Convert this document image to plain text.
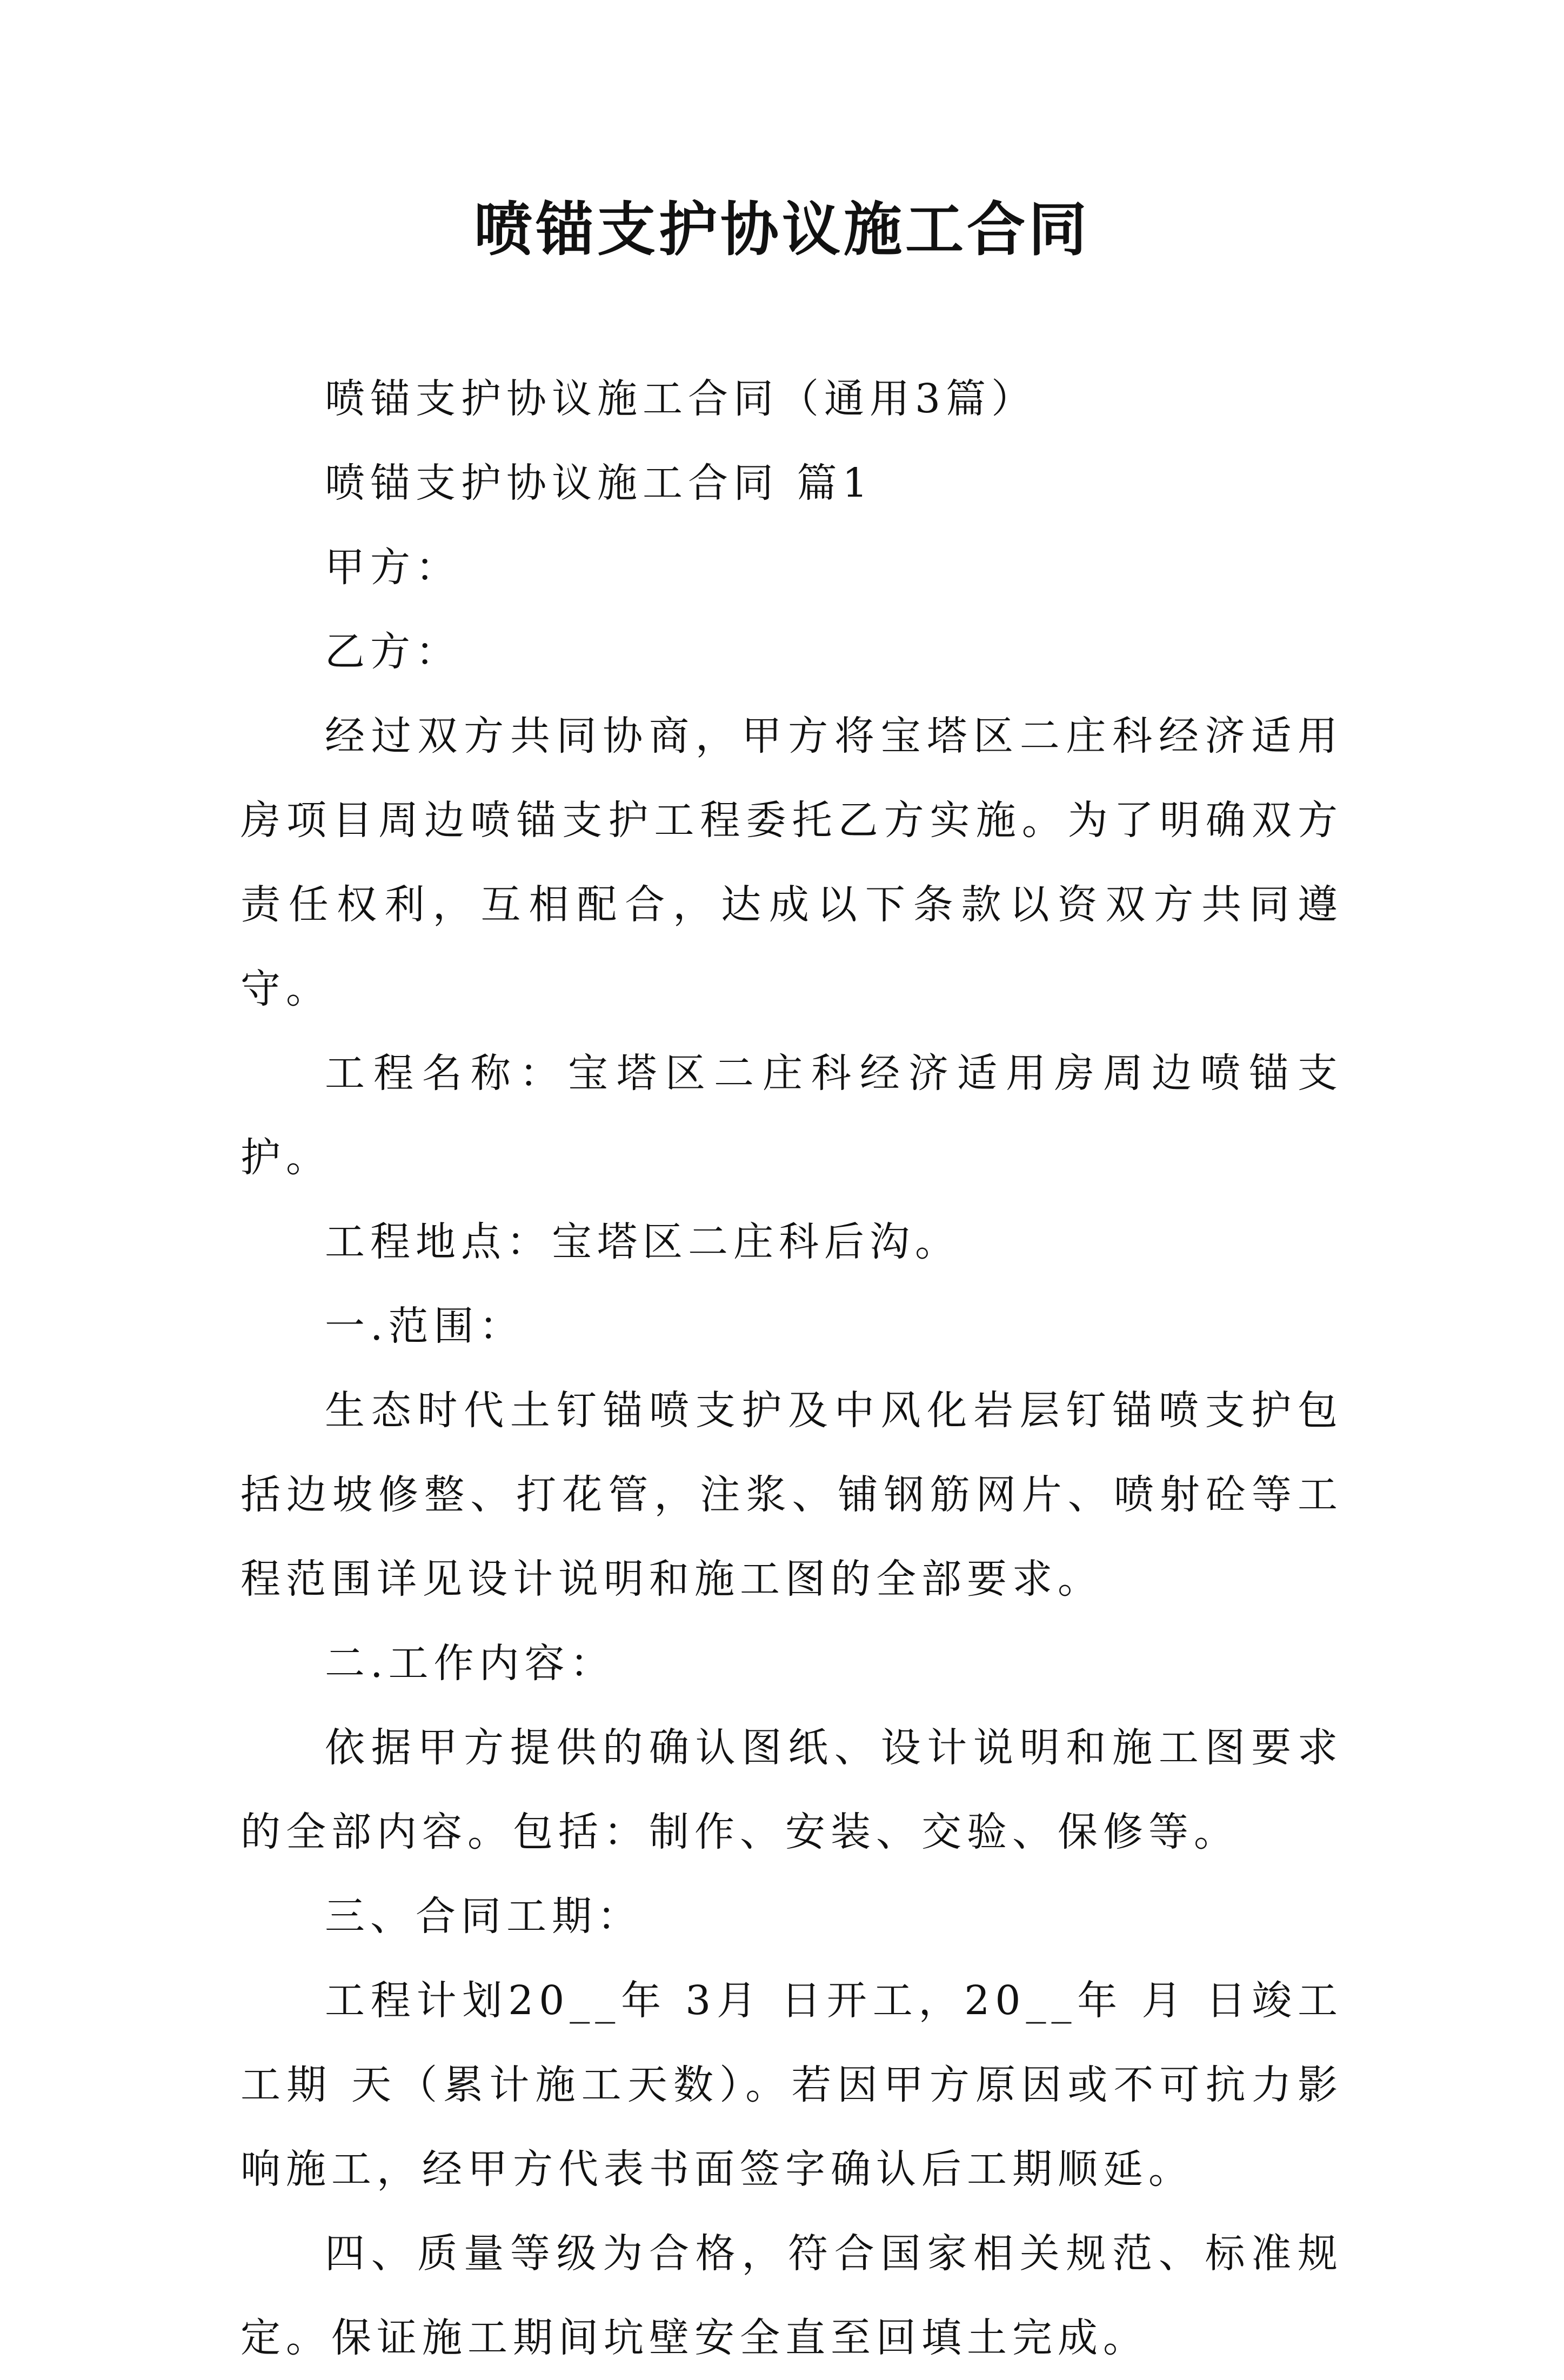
喷锚支护协议施工合同

喷锚支护协议施工合同（通用3篇）

喷锚支护协议施工合同 篇1

甲方：

乙方：

经过双方共同协商，甲方将宝塔区二庄科经济适用房项目周边喷锚支护工程委托乙方实施。为了明确双方责任权利，互相配合，达成以下条款以资双方共同遵守。

工程名称：宝塔区二庄科经济适用房周边喷锚支护。

工程地点：宝塔区二庄科后沟。

一.范围：

生态时代土钉锚喷支护及中风化岩层钉锚喷支护包括边坡修整、打花管，注浆、铺钢筋网片、喷射砼等工程范围详见设计说明和施工图的全部要求。

二.工作内容：

依据甲方提供的确认图纸、设计说明和施工图要求的全部内容。包括：制作、安装、交验、保修等。

三、合同工期：

工程计划20__年 3月 日开工，20__年 月 日竣工工期 天（累计施工天数）。若因甲方原因或不可抗力影响施工，经甲方代表书面签字确认后工期顺延。

四、质量等级为合格，符合国家相关规范、标准规定。保证施工期间坑壁安全直至回填土完成。
